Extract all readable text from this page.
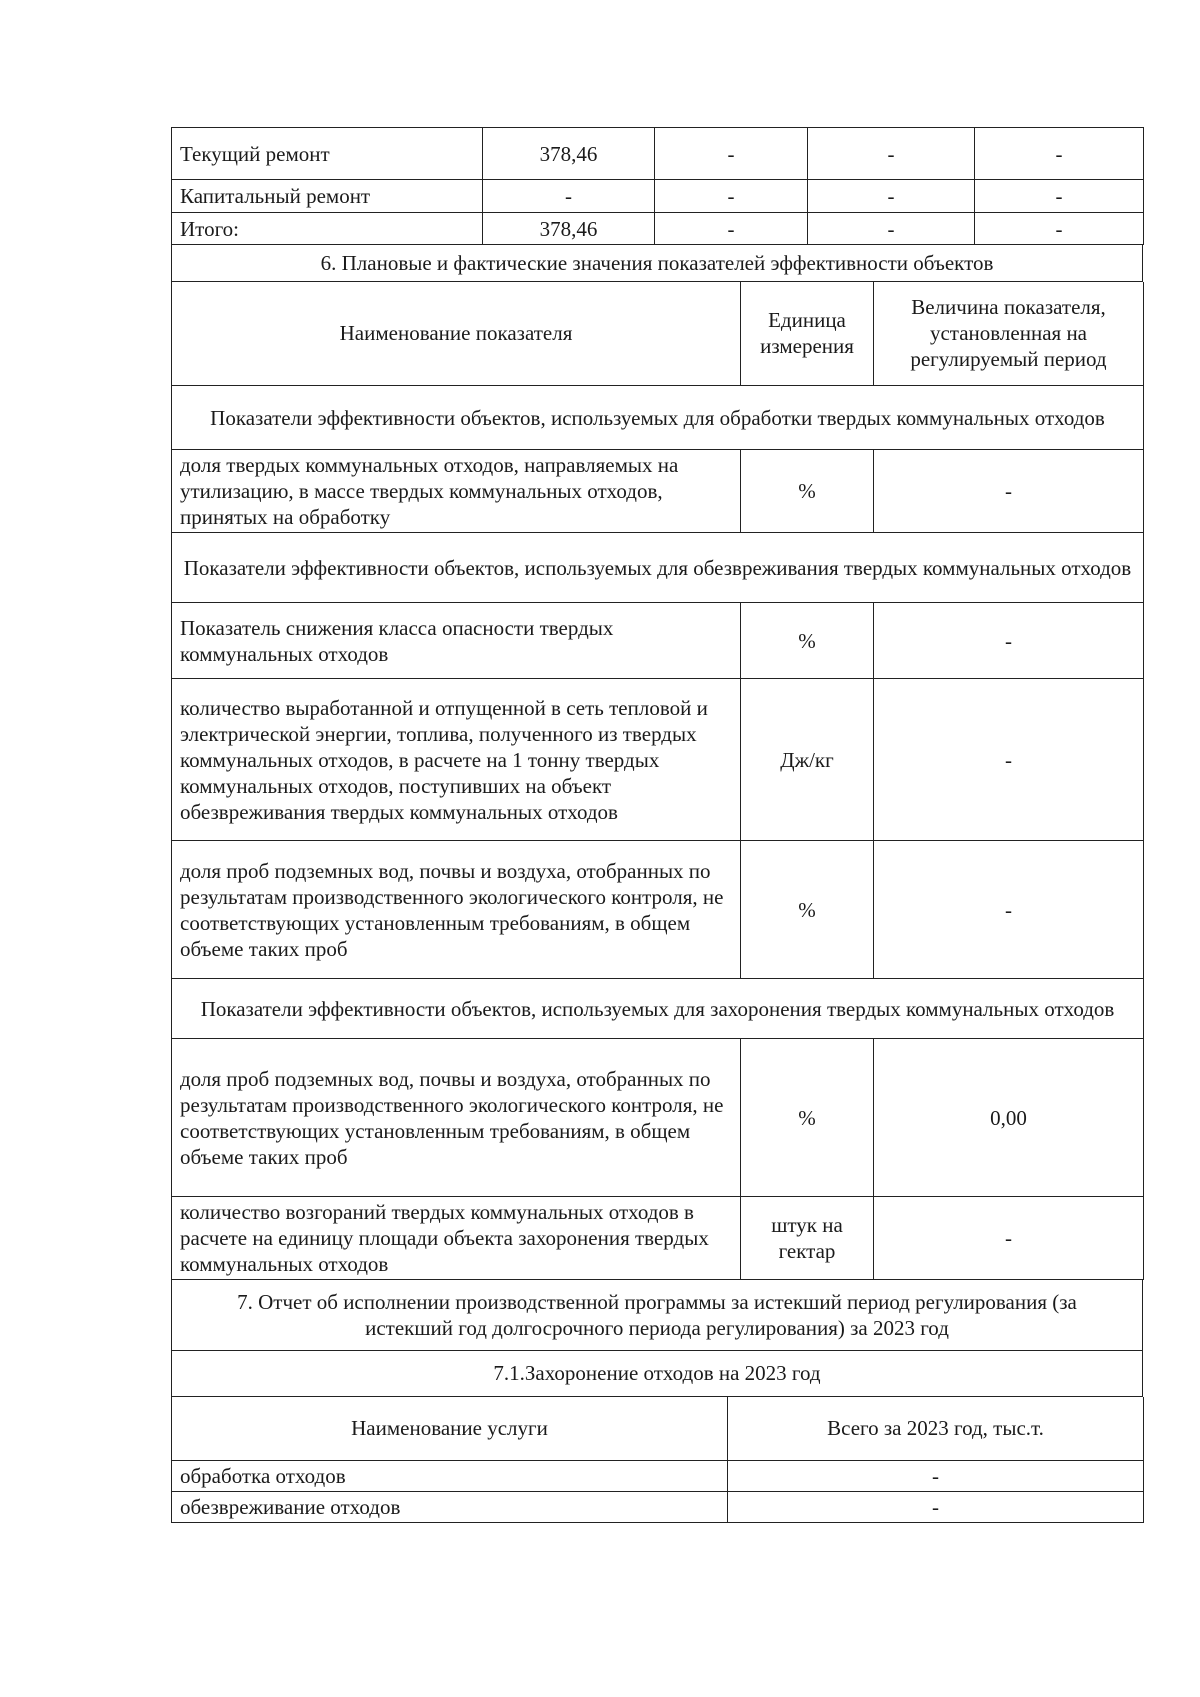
Текущий ремонт	378,46	-	-	-
Капитальный ремонт	-	-	-	-
Итого:	378,46	-	-	-
6. Плановые и фактические значения показателей эффективности объектов
Наименование показателя	Единица измерения	Величина показателя, установленная на регулируемый период
Показатели эффективности объектов, используемых для обработки твердых коммунальных отходов		
доля твердых коммунальных отходов, направляемых на утилизацию, в массе твердых коммунальных отходов, принятых на обработку	%	-
Показатели эффективности объектов, используемых для обезвреживания твердых коммунальных отходов		
Показатель снижения класса опасности твердых коммунальных отходов	%	-
количество выработанной и отпущенной в сеть тепловой и электрической энергии, топлива, полученного из твердых коммунальных отходов, в расчете на 1 тонну твердых коммунальных отходов, поступивших на объект обезвреживания твердых коммунальных отходов	Дж/кг	-
доля проб подземных вод, почвы и воздуха, отобранных по результатам производственного экологического контроля, не соответствующих установленным требованиям, в общем объеме таких проб	%	-
Показатели эффективности объектов, используемых для захоронения твердых коммунальных отходов		
доля проб подземных вод, почвы и воздуха, отобранных по результатам производственного экологического контроля, не соответствующих установленным требованиям, в общем объеме таких проб	%	0,00
количество возгораний твердых коммунальных отходов в расчете на единицу площади объекта захоронения твердых коммунальных отходов	штук на гектар	-
7. Отчет об исполнении производственной программы за истекший период регулирования (за истекший год долгосрочного периода регулирования) за 2023 год
7.1.Захоронение отходов на 2023 год
Наименование услуги	Всего за 2023 год, тыс.т.
обработка отходов	-
обезвреживание отходов	-
